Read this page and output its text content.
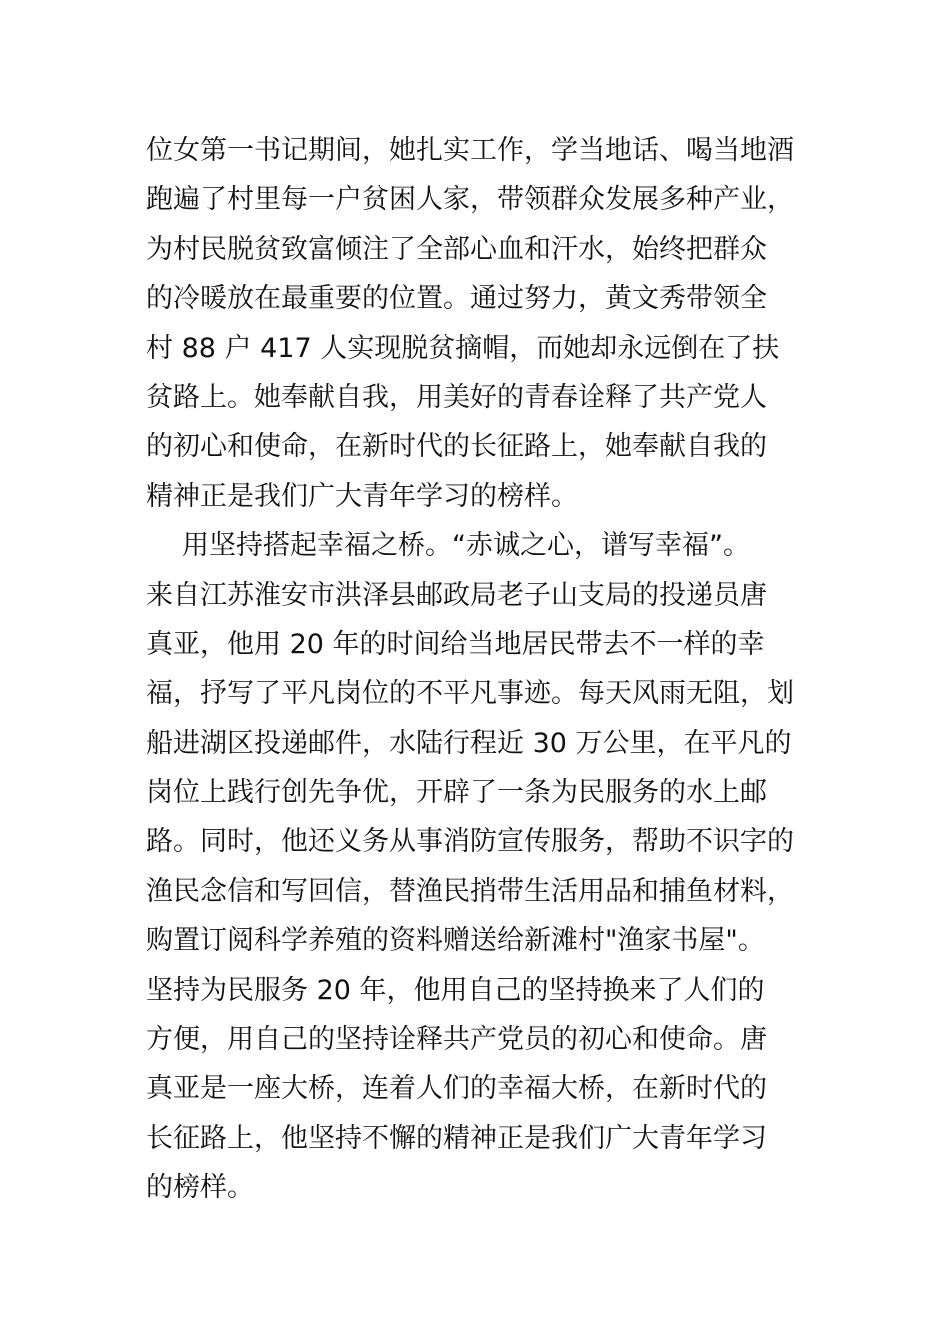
位女第一书记期间，她扎实工作，学当地话、喝当地酒
跑遍了村里每一户贫困人家，带领群众发展多种产业，
为村民脱贫致富倾注了全部心血和汗水，始终把群众
的冷暖放在最重要的位置。通过努力，黄文秀带领全
村 88 户 417 人实现脱贫摘帽，而她却永远倒在了扶
贫路上。她奉献自我，用美好的青春诠释了共产党人
的初心和使命，在新时代的长征路上，她奉献自我的
精神正是我们广大青年学习的榜样。
用坚持搭起幸福之桥。“赤诚之心，谱写幸福”。
来自江苏淮安市洪泽县邮政局老子山支局的投递员唐
真亚，他用 20 年的时间给当地居民带去不一样的幸
福，抒写了平凡岗位的不平凡事迹。每天风雨无阻，划
船进湖区投递邮件，水陆行程近 30 万公里，在平凡的
岗位上践行创先争优，开辟了一条为民服务的水上邮
路。同时，他还义务从事消防宣传服务，帮助不识字的
渔民念信和写回信，替渔民捎带生活用品和捕鱼材料，
购置订阅科学养殖的资料赠送给新滩村"渔家书屋"。
坚持为民服务 20 年，他用自己的坚持换来了人们的
方便，用自己的坚持诠释共产党员的初心和使命。唐
真亚是一座大桥，连着人们的幸福大桥，在新时代的
长征路上，他坚持不懈的精神正是我们广大青年学习
的榜样。
